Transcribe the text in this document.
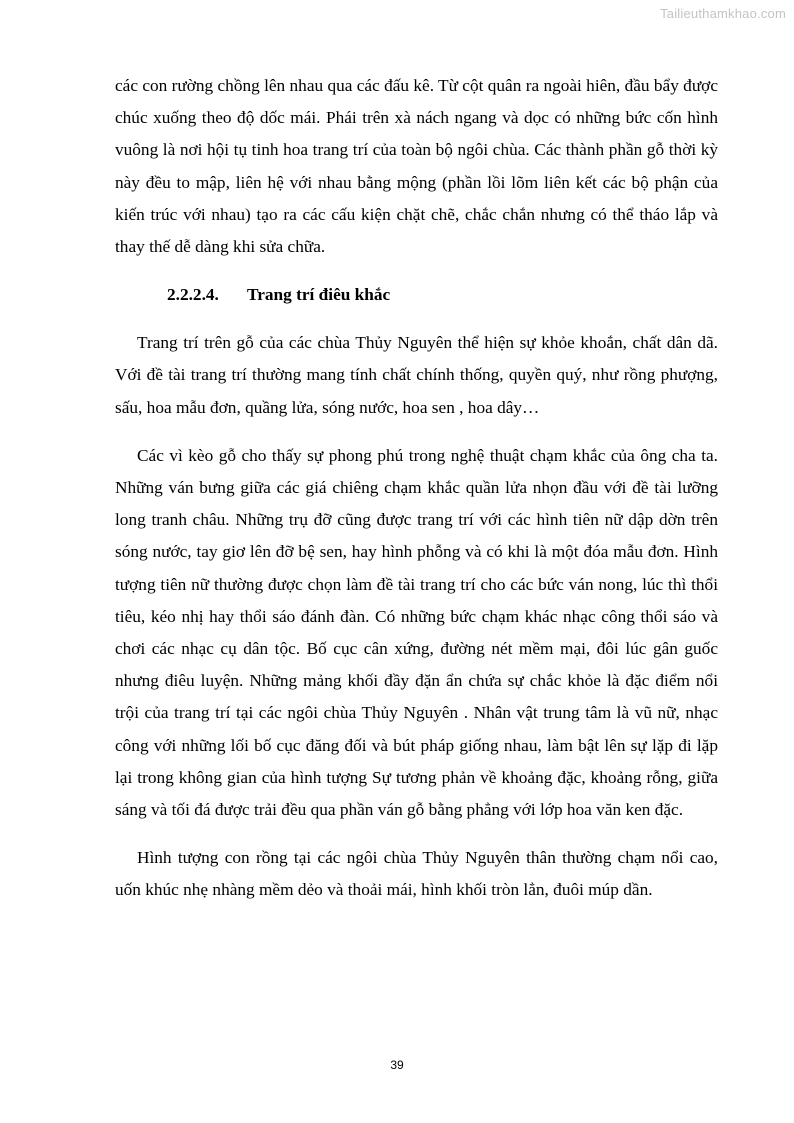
Tailieuthamkhao.com

các con rường chồng lên nhau qua các đấu kê. Từ cột quân ra ngoài hiên, đầu bẩy được chúc xuống theo độ dốc mái. Phái trên xà nách ngang và dọc có những bức cốn hình vuông là nơi hội tụ tinh hoa trang trí của toàn bộ ngôi chùa. Các thành phần gỗ thời kỳ này đều to mập, liên hệ với nhau bằng mộng (phần lồi lõm liên kết các bộ phận của kiến trúc với nhau) tạo ra các cấu kiện chặt chẽ, chắc chắn nhưng có thể tháo lắp và thay thế dễ dàng khi sửa chữa.

2.2.2.4. Trang trí điêu khắc

Trang trí trên gỗ của các chùa Thủy Nguyên thể hiện sự khỏe khoắn, chất dân dã. Với đề tài trang trí thường mang tính chất chính thống, quyền quý, như rồng phượng, sấu, hoa mẫu đơn, quầng lửa, sóng nước, hoa sen , hoa dây…

Các vì kèo gỗ cho thấy sự phong phú trong nghệ thuật chạm khắc của ông cha ta. Những ván bưng giữa các giá chiêng chạm khắc quần lửa nhọn đầu với đề tài lưỡng long tranh châu. Những trụ đỡ cũng được trang trí với các hình tiên nữ dập dờn trên sóng nước, tay giơ lên đỡ bệ sen, hay hình phỗng và có khi là một đóa mẫu đơn. Hình tượng tiên nữ thường được chọn làm đề tài trang trí cho các bức ván nong, lúc thì thổi tiêu, kéo nhị hay thổi sáo đánh đàn. Có những bức chạm khác nhạc công thổi sáo và chơi các nhạc cụ dân tộc. Bố cục cân xứng, đường nét mềm mại, đôi lúc gân guốc nhưng điêu luyện. Những mảng khối đầy đặn ẩn chứa sự chắc khỏe là đặc điểm nổi trội của trang trí tại các ngôi chùa Thủy Nguyên . Nhân vật trung tâm là vũ nữ, nhạc công với những lối bố cục đăng đối và bút pháp giống nhau, làm bật lên sự lặp đi lặp lại trong không gian của hình tượng Sự tương phản về khoảng đặc, khoảng rỗng, giữa sáng và tối đá được trải đều qua phần ván gỗ bằng phẳng với lớp hoa văn ken đặc.

Hình tượng con rồng tại các ngôi chùa Thủy Nguyên thân thường chạm nổi cao, uốn khúc nhẹ nhàng mềm dẻo và thoải mái, hình khối tròn lẳn, đuôi múp dần.

39
